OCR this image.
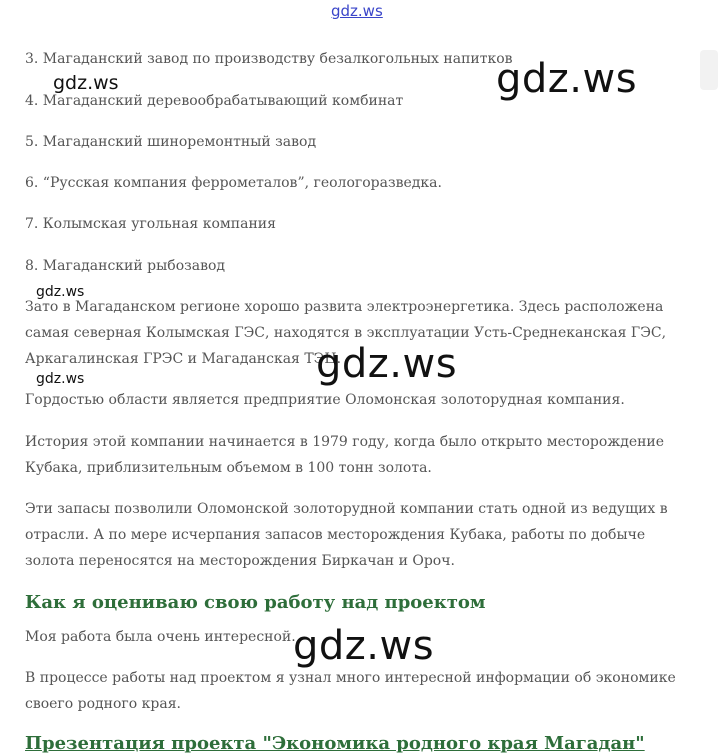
gdz.ws
3. Магаданский завод по производству безалкогольных напитков
4. Магаданский деревообрабатывающий комбинат
5. Магаданский шиноремонтный завод
6. “Русская компания ферpометалов”, геологоразведка.
7. Колымская угольная компания
8. Магаданский рыбозавод
Зато в Магаданском регионе хорошо развита электроэнергетика. Здесь расположена самая северная Колымская ГЭС, находятся в эксплуатации Усть-Среднеканская ГЭС, Аркагалинская ГРЭС и Магаданская ТЭЦ.
Гордостью области является предприятие Оломонская золоторудная компания.
История этой компании начинается в 1979 году, когда было открыто месторождение Кубака, приблизительным объемом в 100 тонн золота.
Эти запасы позволили Оломонской золоторудной компании стать одной из ведущих в отрасли. А по мере исчерпания запасов месторождения Кубака, работы по добыче золота переносятся на месторождения Биркачан и Ороч.
Как я оцениваю свою работу над проектом
Моя работа была очень интересной.
В процессе работы над проектом я узнал много интересной информации об экономике своего родного края.
Презентация проекта "Экономика родного края Магадан"
gdz.ws
gdz.ws
gdz.ws
gdz.ws
gdz.ws
gdz.ws
